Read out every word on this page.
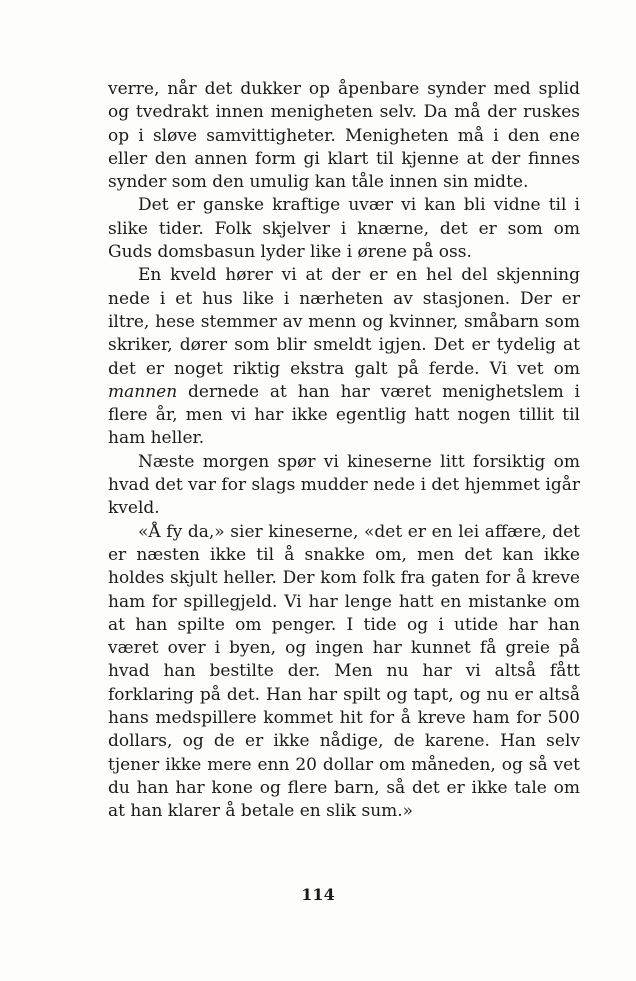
verre, når det dukker op åpenbare synder med splid og tvedrakt innen menigheten selv. Da må der ruskes op i sløve samvittigheter. Menigheten må i den ene eller den annen form gi klart til kjenne at der finnes synder som den umulig kan tåle innen sin midte.

Det er ganske kraftige uvær vi kan bli vidne til i slike tider. Folk skjelver i knærne, det er som om Guds domsbasun lyder like i ørene på oss.

En kveld hører vi at der er en hel del skjenning nede i et hus like i nærheten av stasjonen. Der er iltre, hese stemmer av menn og kvinner, småbarn som skriker, dører som blir smeldt igjen. Det er tydelig at det er noget riktig ekstra galt på ferde. Vi vet om mannen dernede at han har været menighetslem i flere år, men vi har ikke egentlig hatt nogen tillit til ham heller.

Næste morgen spør vi kineserne litt forsiktig om hvad det var for slags mudder nede i det hjemmet igår kveld.

«Å fy da,» sier kineserne, «det er en lei affære, det er næsten ikke til å snakke om, men det kan ikke holdes skjult heller. Der kom folk fra gaten for å kreve ham for spillegjeld. Vi har lenge hatt en mistanke om at han spilte om penger. I tide og i utide har han været over i byen, og ingen har kunnet få greie på hvad han bestilte der. Men nu har vi altså fått forklaring på det. Han har spilt og tapt, og nu er altså hans medspillere kommet hit for å kreve ham for 500 dollars, og de er ikke nådige, de karene. Han selv tjener ikke mere enn 20 dollar om måneden, og så vet du han har kone og flere barn, så det er ikke tale om at han klarer å betale en slik sum.»

114
